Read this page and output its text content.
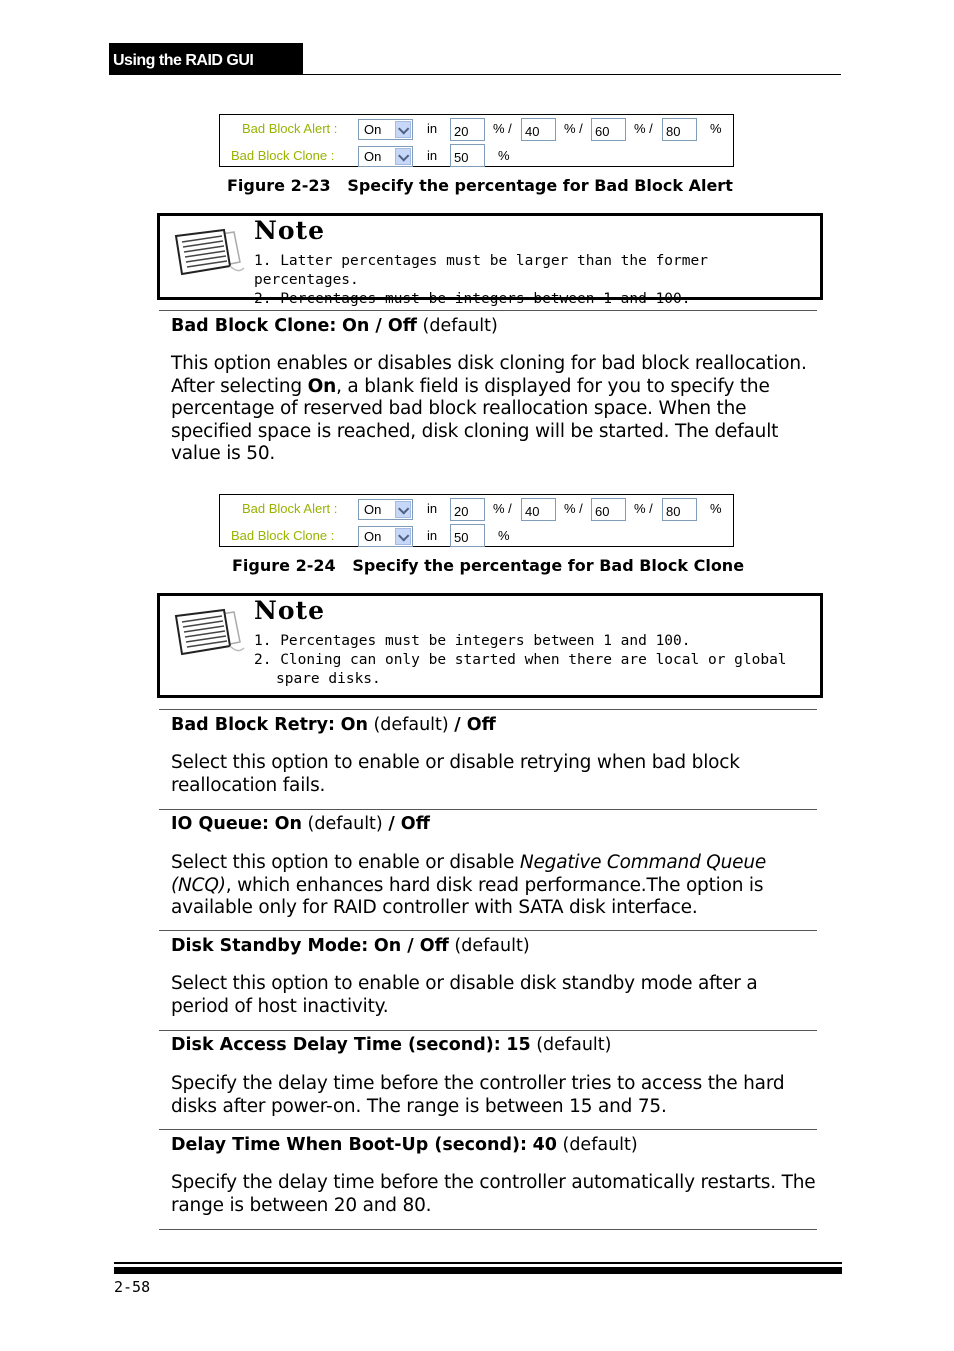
Using the RAID GUI
Bad Block Alert :
Bad Block Clone :
On
On
in
in
20 % / 40 % / 60 % / 80 %
50 %
Figure 2-23 Specify the percentage for Bad Block Alert
Note
1. Latter percentages must be larger than the former percentages.
2. Percentages must be integers between 1 and 100.
Bad Block Clone: On / Off (default)
This option enables or disables disk cloning for bad block reallocation. After selecting On, a blank field is displayed for you to specify the percentage of reserved bad block reallocation space. When the specified space is reached, disk cloning will be started. The default value is 50.
Bad Block Alert :
Bad Block Clone :
On
On
in
in
20 % / 40 % / 60 % / 80 %
50 %
Figure 2-24 Specify the percentage for Bad Block Clone
Note
1. Percentages must be integers between 1 and 100.
2. Cloning can only be started when there are local or global spare disks.
Bad Block Retry: On (default) / Off
Select this option to enable or disable retrying when bad block reallocation fails.
IO Queue: On (default) / Off
Select this option to enable or disable Negative Command Queue (NCQ), which enhances hard disk read performance.The option is available only for RAID controller with SATA disk interface.
Disk Standby Mode: On / Off (default)
Select this option to enable or disable disk standby mode after a period of host inactivity.
Disk Access Delay Time (second): 15 (default)
Specify the delay time before the controller tries to access the hard disks after power-on. The range is between 15 and 75.
Delay Time When Boot-Up (second): 40 (default)
Specify the delay time before the controller automatically restarts. The range is between 20 and 80.
2-58
